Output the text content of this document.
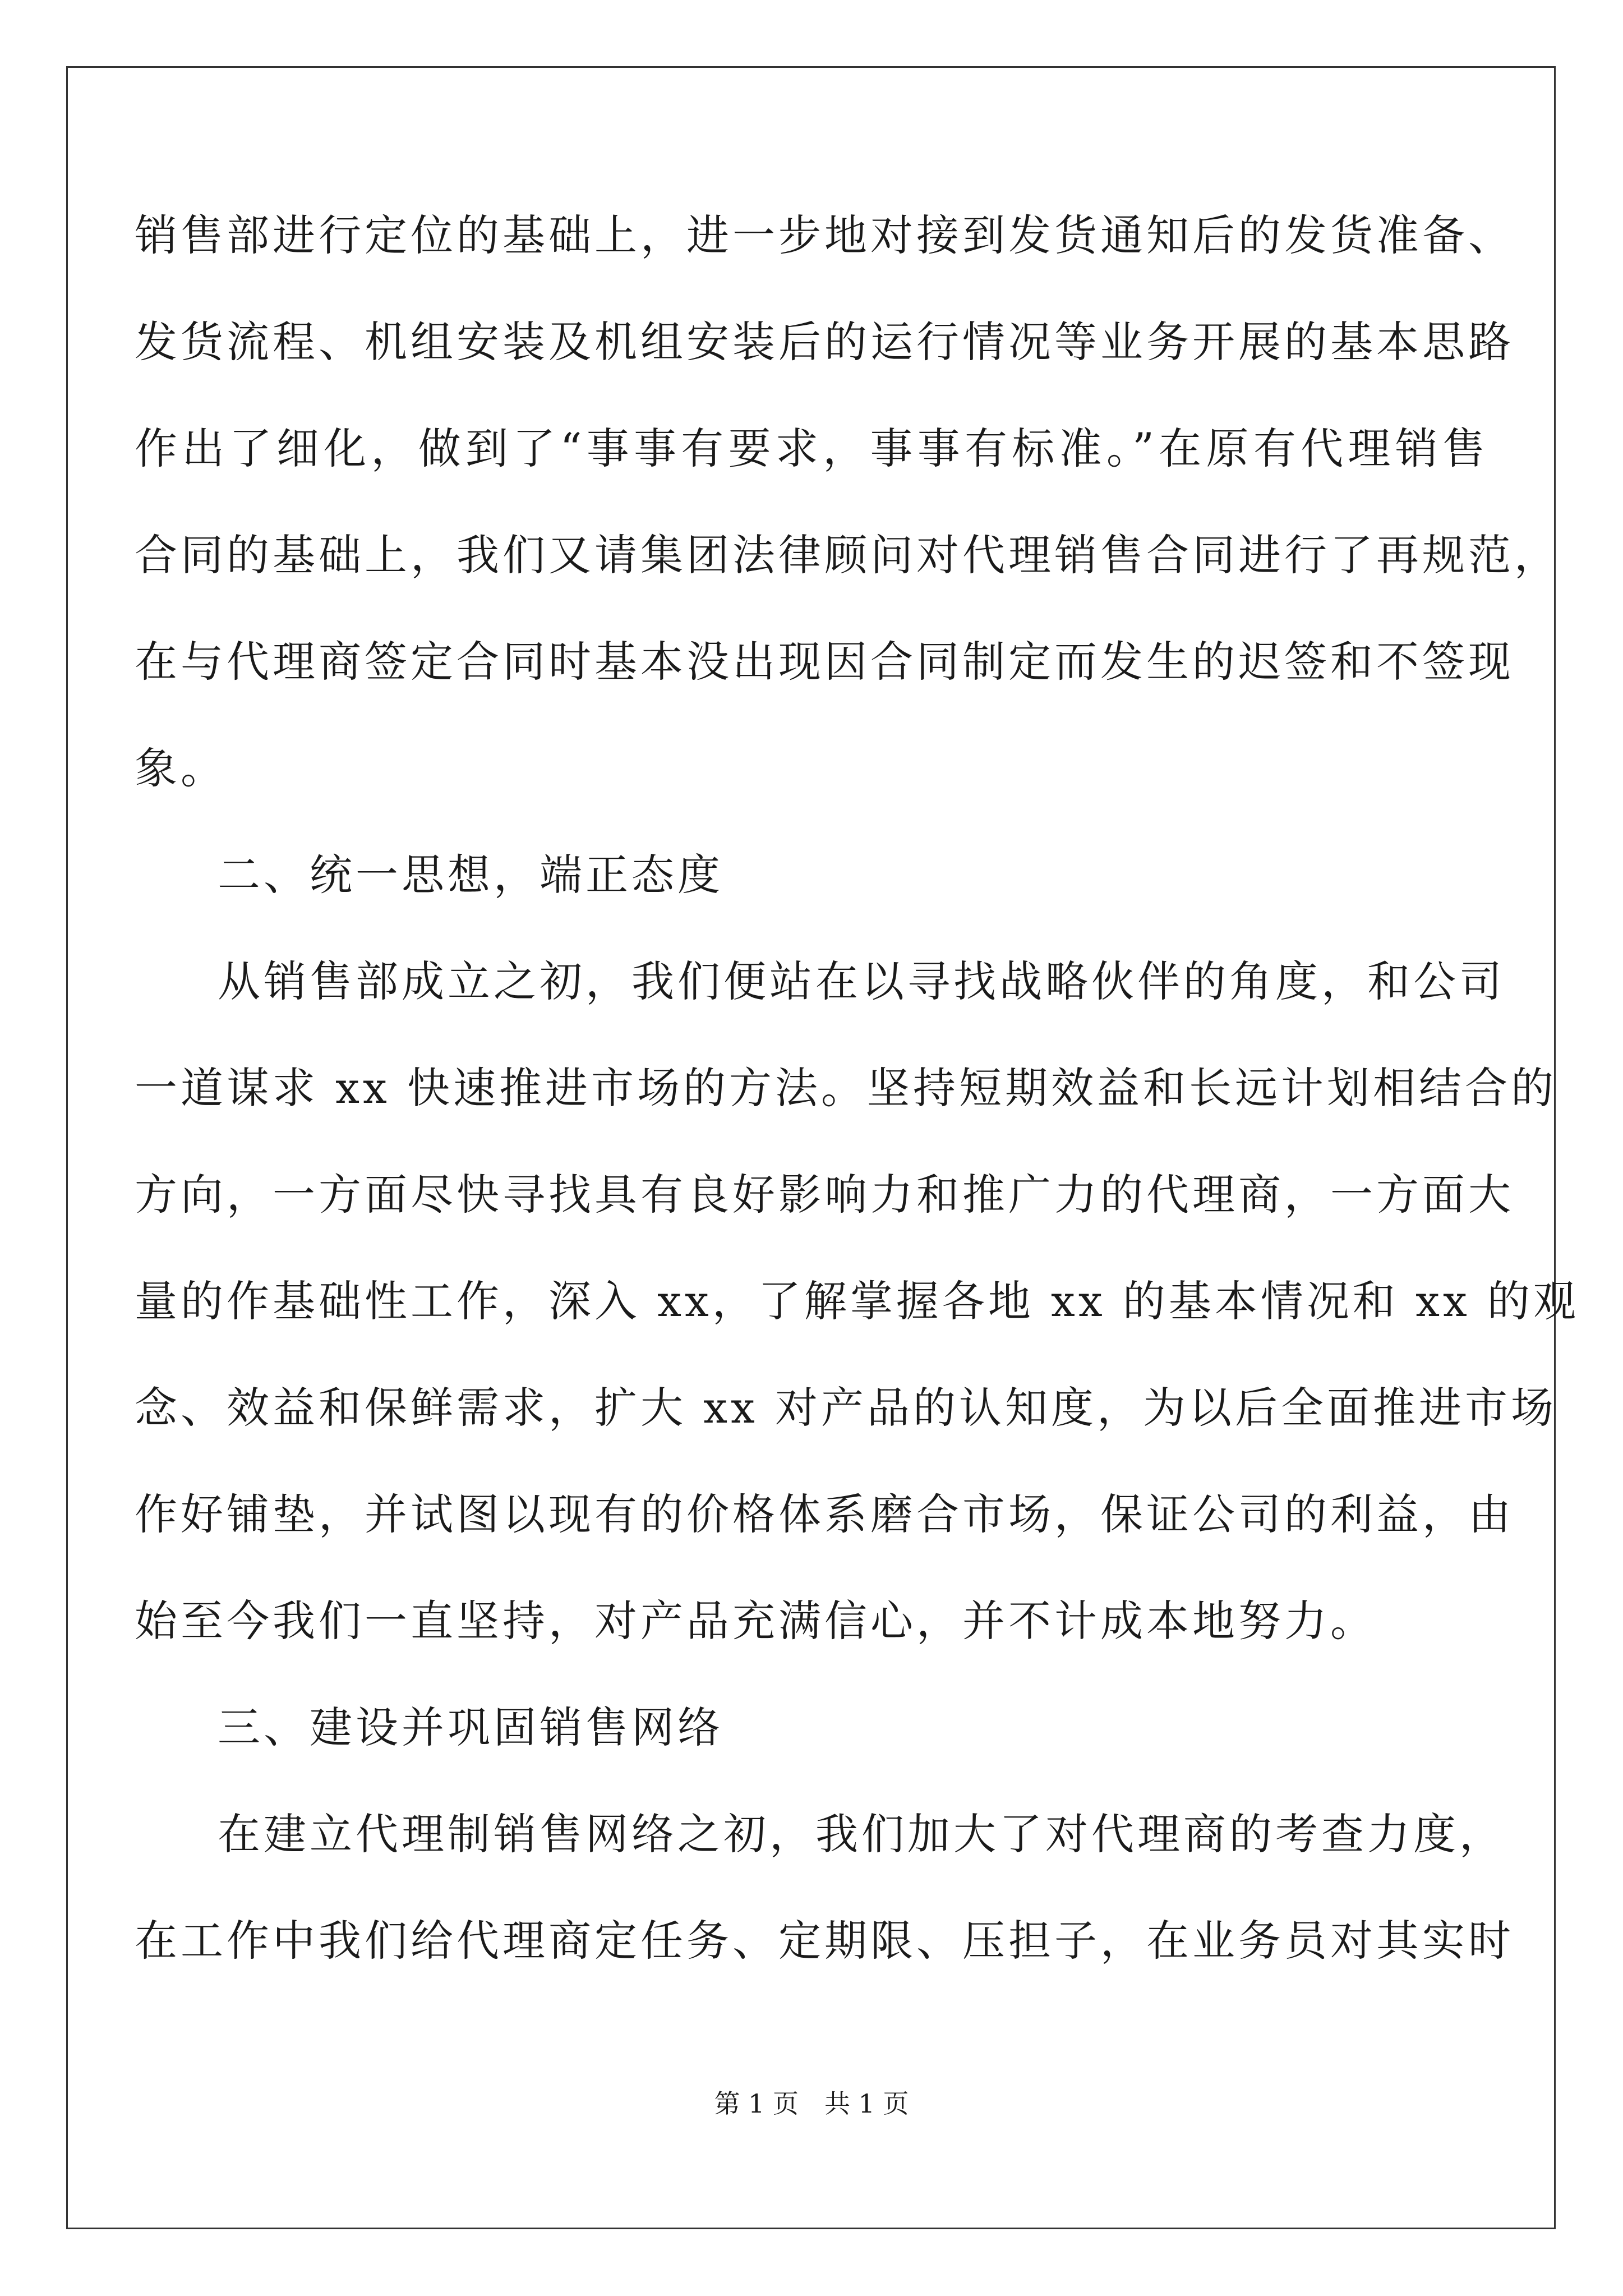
销售部进行定位的基础上，进一步地对接到发货通知后的发货准备、
发货流程、机组安装及机组安装后的运行情况等业务开展的基本思路
作出了细化，做到了“事事有要求，事事有标准。”在原有代理销售
合同的基础上，我们又请集团法律顾问对代理销售合同进行了再规范，
在与代理商签定合同时基本没出现因合同制定而发生的迟签和不签现
象。
二、统一思想，端正态度
从销售部成立之初，我们便站在以寻找战略伙伴的角度，和公司
一道谋求 xx 快速推进市场的方法。坚持短期效益和长远计划相结合的
方向，一方面尽快寻找具有良好影响力和推广力的代理商，一方面大
量的作基础性工作，深入 xx，了解掌握各地 xx 的基本情况和 xx 的观
念、效益和保鲜需求，扩大 xx 对产品的认知度，为以后全面推进市场
作好铺垫，并试图以现有的价格体系磨合市场，保证公司的利益，由
始至今我们一直坚持，对产品充满信心，并不计成本地努力。
三、建设并巩固销售网络
在建立代理制销售网络之初，我们加大了对代理商的考查力度，
在工作中我们给代理商定任务、定期限、压担子，在业务员对其实时
第 1 页　共 1 页
